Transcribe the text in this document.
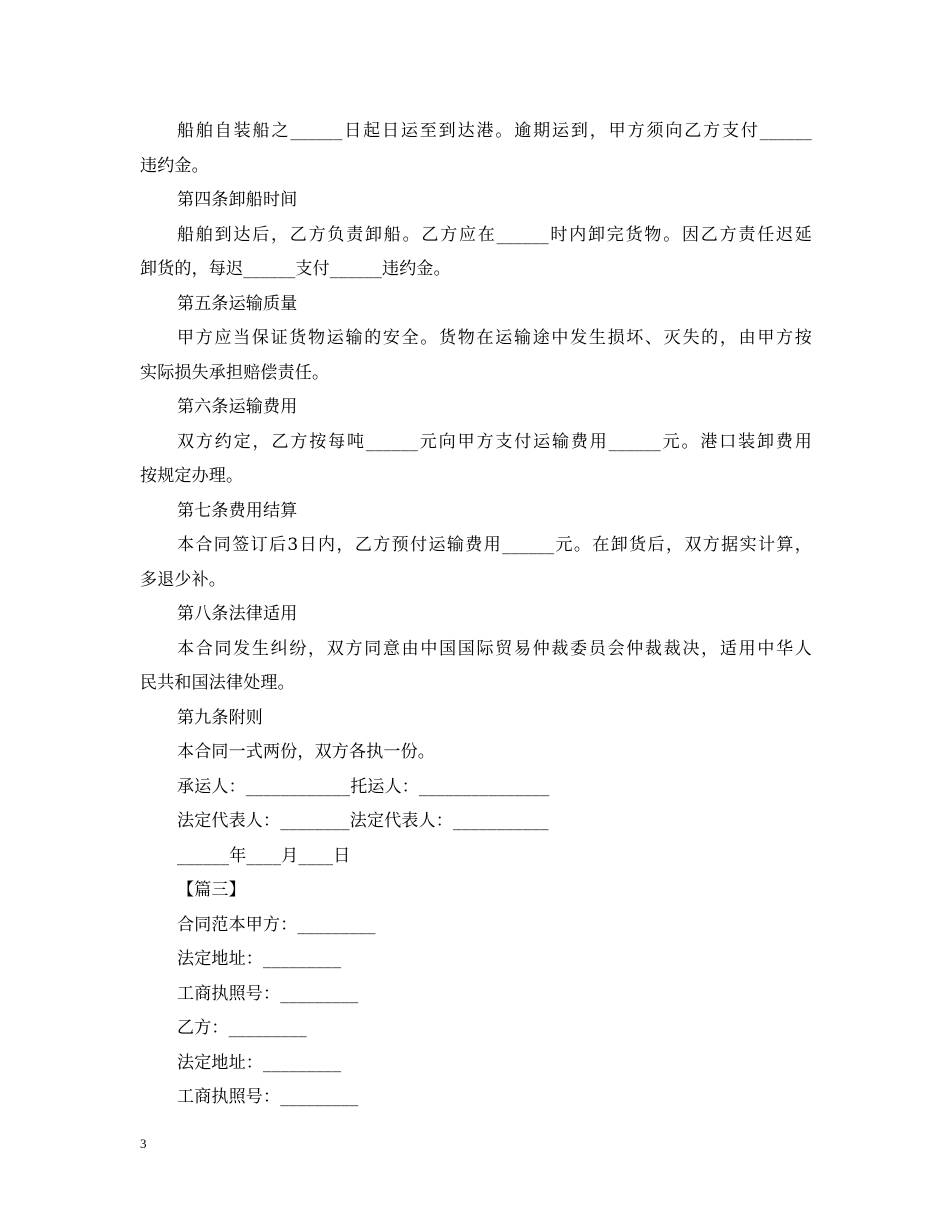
船舶自装船之______日起日运至到达港。逾期运到，甲方须向乙方支付______
违约金。
第四条卸船时间
船舶到达后，乙方负责卸船。乙方应在______时内卸完货物。因乙方责任迟延
卸货的，每迟______支付______违约金。
第五条运输质量
甲方应当保证货物运输的安全。货物在运输途中发生损坏、灭失的，由甲方按
实际损失承担赔偿责任。
第六条运输费用
双方约定，乙方按每吨______元向甲方支付运输费用______元。港口装卸费用
按规定办理。
第七条费用结算
本合同签订后3日内，乙方预付运输费用______元。在卸货后，双方据实计算，
多退少补。
第八条法律适用
本合同发生纠纷，双方同意由中国国际贸易仲裁委员会仲裁裁决，适用中华人
民共和国法律处理。
第九条附则
本合同一式两份，双方各执一份。
承运人：____________托运人：_______________
法定代表人：________法定代表人：___________
______年____月____日
【篇三】
合同范本甲方：_________
法定地址：_________
工商执照号：_________
乙方：_________
法定地址：_________
工商执照号：_________
3
